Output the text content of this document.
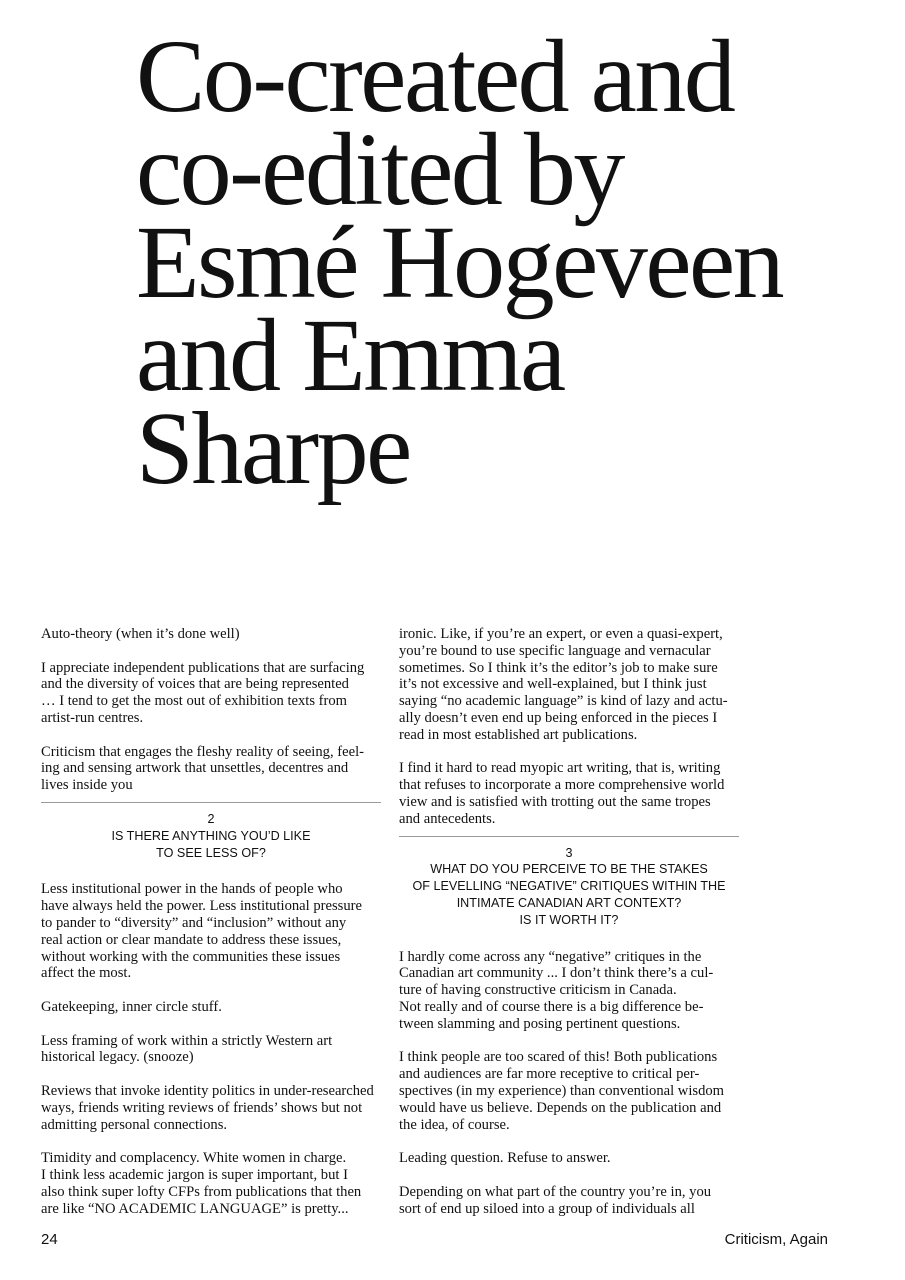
Co-created and
co-edited by
Esmé Hogeveen
and Emma
Sharpe

Auto-theory (when it’s done well)

I appreciate independent publications that are surfacing
and the diversity of voices that are being represented
… I tend to get the most out of exhibition texts from
artist-run centres.

Criticism that engages the fleshy reality of seeing, feel-
ing and sensing artwork that unsettles, decentres and
lives inside you

2
IS THERE ANYTHING YOU’D LIKE
TO SEE LESS OF?

Less institutional power in the hands of people who
have always held the power. Less institutional pressure
to pander to “diversity” and “inclusion” without any
real action or clear mandate to address these issues,
without working with the communities these issues
affect the most.

Gatekeeping, inner circle stuff.

Less framing of work within a strictly Western art
historical legacy. (snooze)

Reviews that invoke identity politics in under-researched
ways, friends writing reviews of friends’ shows but not
admitting personal connections.

Timidity and complacency. White women in charge.
I think less academic jargon is super important, but I
also think super lofty CFPs from publications that then
are like “NO ACADEMIC LANGUAGE” is pretty...

ironic. Like, if you’re an expert, or even a quasi-expert,
you’re bound to use specific language and vernacular
sometimes. So I think it’s the editor’s job to make sure
it’s not excessive and well-explained, but I think just
saying “no academic language” is kind of lazy and actu-
ally doesn’t even end up being enforced in the pieces I
read in most established art publications.

I find it hard to read myopic art writing, that is, writing
that refuses to incorporate a more comprehensive world
view and is satisfied with trotting out the same tropes
and antecedents.

3
WHAT DO YOU PERCEIVE TO BE THE STAKES
OF LEVELLING “NEGATIVE” CRITIQUES WITHIN THE
INTIMATE CANADIAN ART CONTEXT?
IS IT WORTH IT?

I hardly come across any “negative” critiques in the
Canadian art community ... I don’t think there’s a cul-
ture of having constructive criticism in Canada.
Not really and of course there is a big difference be-
tween slamming and posing pertinent questions.

I think people are too scared of this! Both publications
and audiences are far more receptive to critical per-
spectives (in my experience) than conventional wisdom
would have us believe. Depends on the publication and
the idea, of course.

Leading question. Refuse to answer.

Depending on what part of the country you’re in, you
sort of end up siloed into a group of individuals all

24	Criticism, Again
